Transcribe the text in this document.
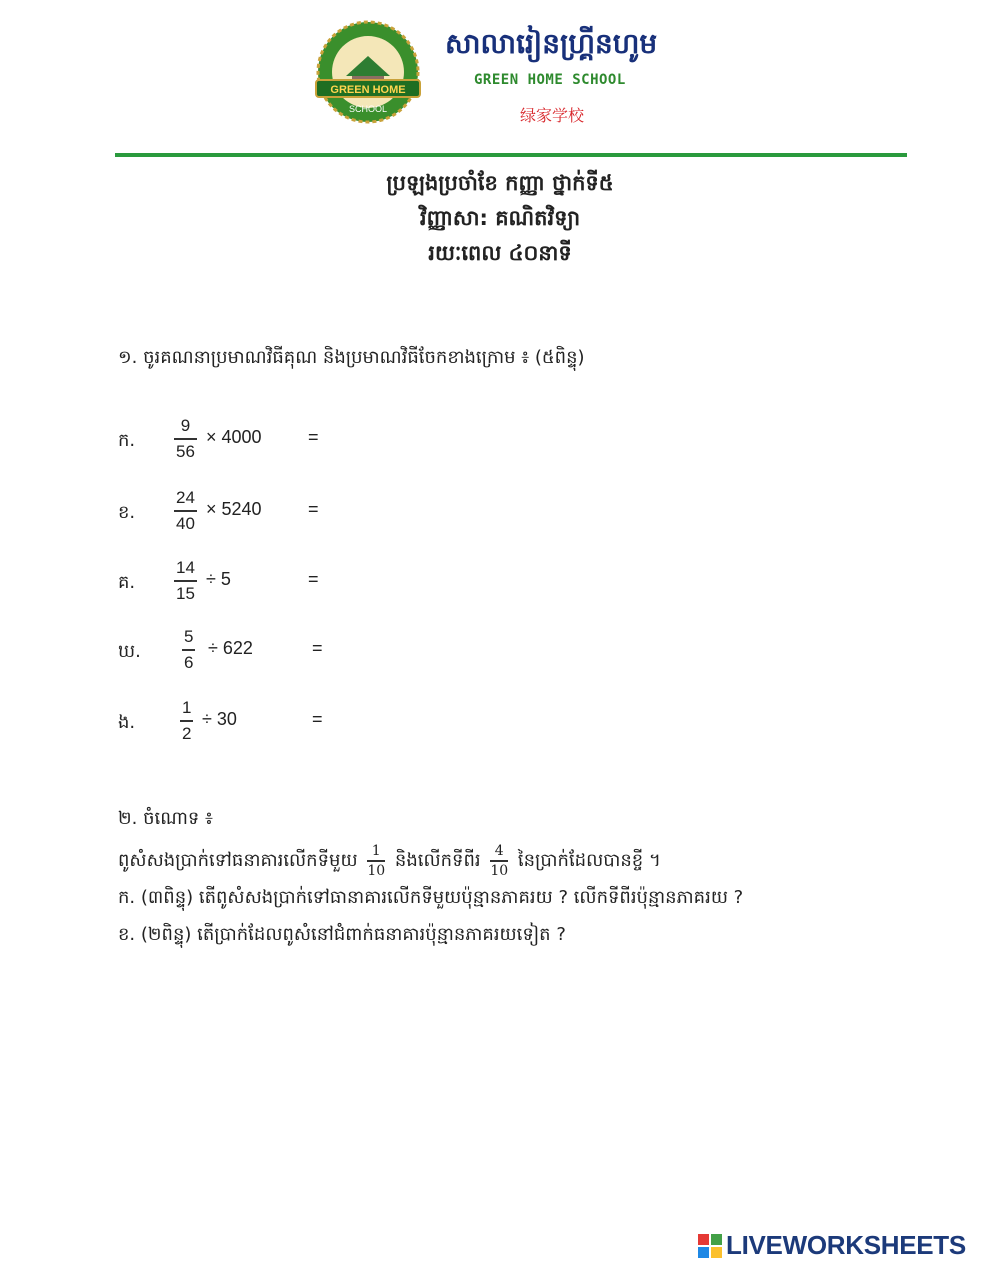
GREEN HOME
SCHOOL
សាលារៀនហ្គ្រីនហូម
GREEN HOME SCHOOL
绿家学校
ប្រឡងប្រចាំខែ កញ្ញា ថ្នាក់ទី៥
វិញ្ញាសា: គណិតវិទ្យា
រយៈពេល ៤០នាទី
១. ចូរគណនាប្រមាណវិធីគុណ និងប្រមាណវិធីចែកខាងក្រោម ៖ (៥ពិន្ទុ)
ក.
9
56
× 4000	=
ខ.
24
40
× 5240	=
គ.
14
15
÷ 5	=
ឃ.
5
6
÷ 622	=
ង.
1
2
÷ 30	=
២. ចំណោទ ៖
ពូសំសងប្រាក់ទៅធនាគារលើកទីមួយ $\frac{1}{10}$ និងលើកទីពីរ $\frac{4}{10}$ នៃប្រាក់ដែលបានខ្ចី ។
ក. (៣ពិន្ទុ) តើពូសំសងប្រាក់ទៅធានាគារលើកទីមួយប៉ុន្មានភាគរយ ? លើកទីពីរប៉ុន្មានភាគរយ ?
ខ. (២ពិន្ទុ) តើប្រាក់ដែលពូសំនៅជំពាក់ធនាគារប៉ុន្មានភាគរយទៀត ?
LIVEWORKSHEETS
